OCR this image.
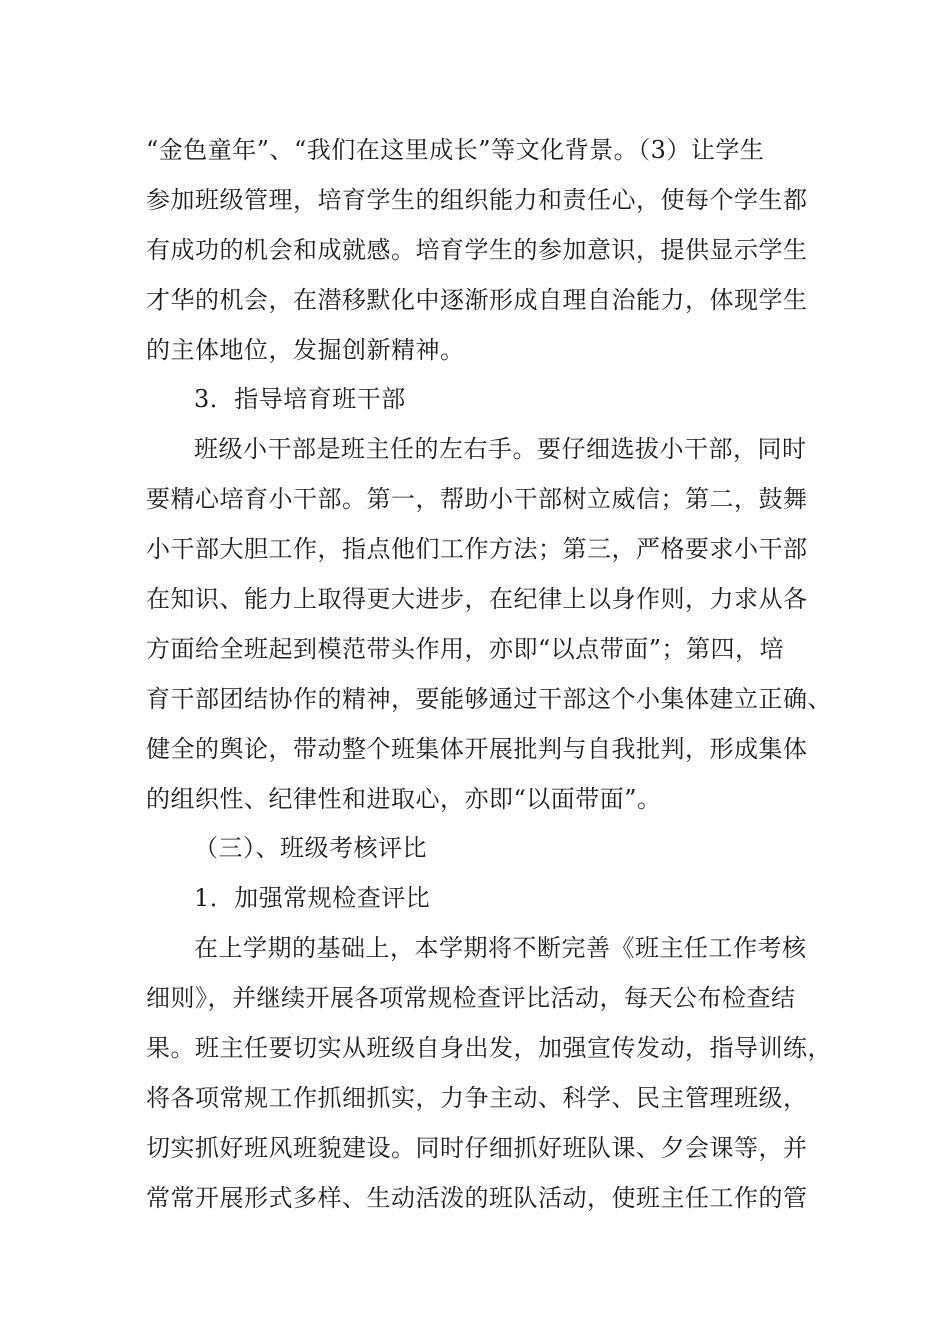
“金色童年”、“我们在这里成长”等文化背景。（3）让学生
参加班级管理，培育学生的组织能力和责任心，使每个学生都
有成功的机会和成就感。培育学生的参加意识，提供显示学生
才华的机会，在潜移默化中逐渐形成自理自治能力，体现学生
的主体地位，发掘创新精神。
3．指导培育班干部
班级小干部是班主任的左右手。要仔细选拔小干部，同时
要精心培育小干部。第一，帮助小干部树立威信；第二，鼓舞
小干部大胆工作，指点他们工作方法；第三，严格要求小干部
在知识、能力上取得更大进步，在纪律上以身作则，力求从各
方面给全班起到模范带头作用，亦即“以点带面”；第四，培
育干部团结协作的精神，要能够通过干部这个小集体建立正确、
健全的舆论，带动整个班集体开展批判与自我批判，形成集体
的组织性、纪律性和进取心，亦即“以面带面”。
（三）、班级考核评比
1．加强常规检查评比
在上学期的基础上，本学期将不断完善《班主任工作考核
细则》，并继续开展各项常规检查评比活动，每天公布检查结
果。班主任要切实从班级自身出发，加强宣传发动，指导训练，
将各项常规工作抓细抓实，力争主动、科学、民主管理班级，
切实抓好班风班貌建设。同时仔细抓好班队课、夕会课等，并
常常开展形式多样、生动活泼的班队活动，使班主任工作的管
